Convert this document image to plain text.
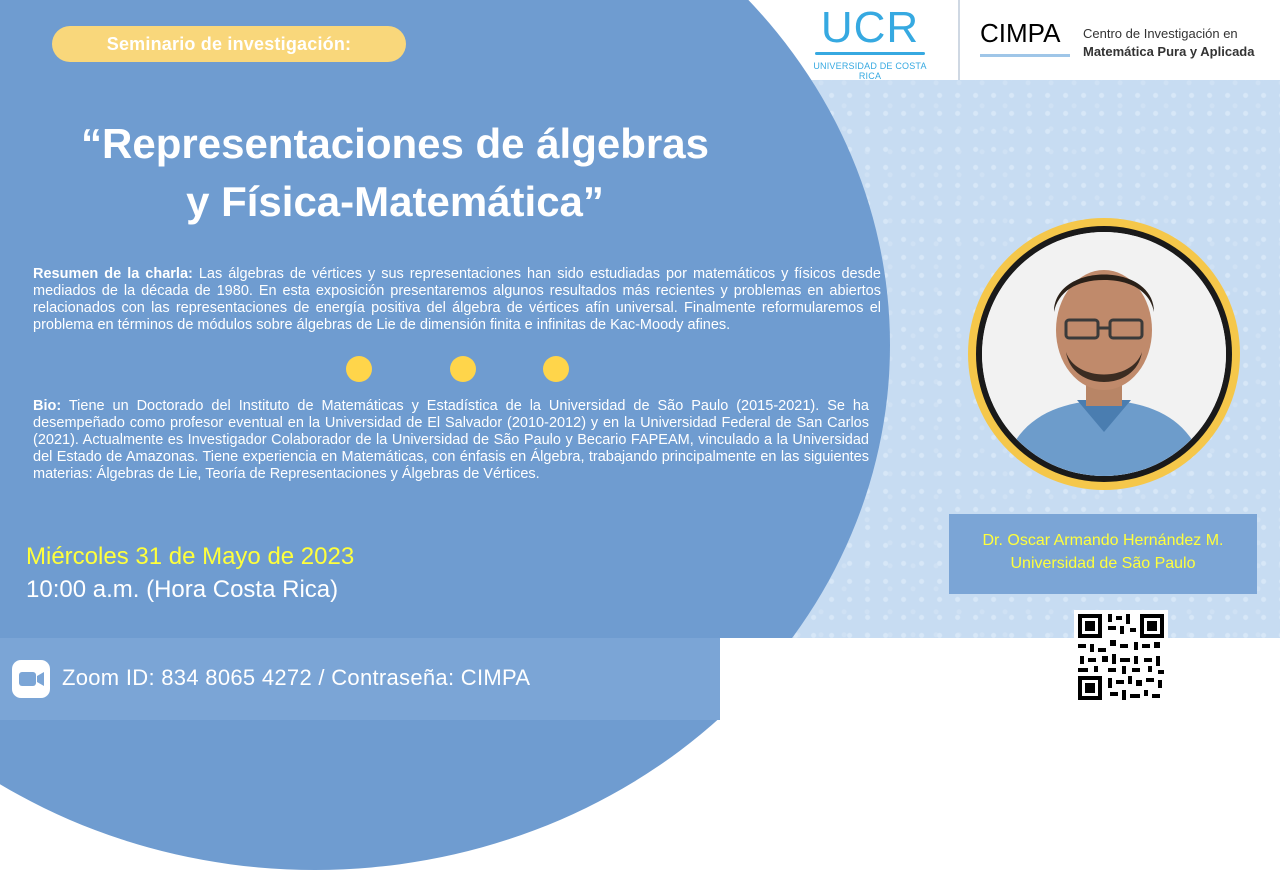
Seminario de investigación:	UCR
UNIVERSIDAD DE COSTA RICA
CIMPA Centro de Investigación en
Matemática Pura y Aplicada
“Representaciones de álgebras
y Física-Matemática”
Resumen de la charla: Las álgebras de vértices y sus representaciones han sido estudiadas por matemáticos y físicos desde mediados de la década de 1980. En esta exposición presentaremos algunos resultados más recientes y problemas en abiertos relacionados con las representaciones de energía positiva del álgebra de vértices afín universal. Finalmente reformularemos el problema en términos de módulos sobre álgebras de Lie de dimensión finita e infinitas de Kac-Moody afines.
Bio: Tiene un Doctorado del Instituto de Matemáticas y Estadística de la Universidad de São Paulo (2015-2021). Se ha desempeñado como profesor eventual en la Universidad de El Salvador (2010-2012) y en la Universidad Federal de San Carlos (2021). Actualmente es Investigador Colaborador de la Universidad de São Paulo y Becario FAPEAM, vinculado a la Universidad del Estado de Amazonas. Tiene experiencia en Matemáticas, con énfasis en Álgebra, trabajando principalmente en las siguientes materias: Álgebras de Lie, Teoría de Representaciones y Álgebras de Vértices.
Miércoles 31 de Mayo de 2023
10:00 a.m. (Hora Costa Rica)
Dr. Oscar Armando Hernández M.
Universidad de São Paulo
Zoom ID: 834 8065 4272 / Contraseña: CIMPA
